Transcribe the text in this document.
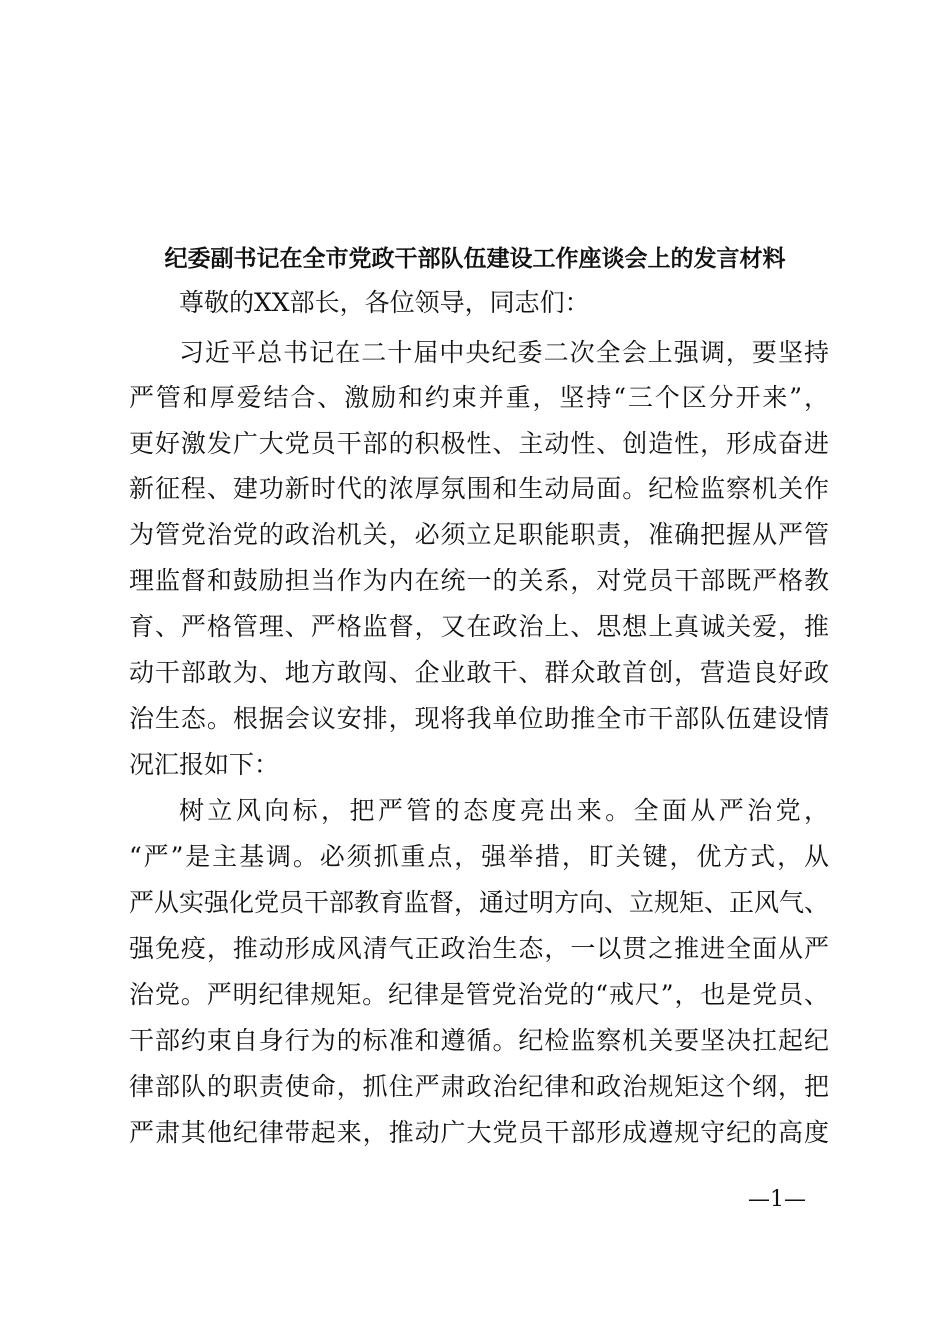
纪委副书记在全市党政干部队伍建设工作座谈会上的发言材料
尊敬的XX部长，各位领导，同志们：
习近平总书记在二十届中央纪委二次全会上强调，要坚持
严管和厚爱结合、激励和约束并重，坚持“三个区分开来”，
更好激发广大党员干部的积极性、主动性、创造性，形成奋进
新征程、建功新时代的浓厚氛围和生动局面。纪检监察机关作
为管党治党的政治机关，必须立足职能职责，准确把握从严管
理监督和鼓励担当作为内在统一的关系，对党员干部既严格教
育、严格管理、严格监督，又在政治上、思想上真诚关爱，推
动干部敢为、地方敢闯、企业敢干、群众敢首创，营造良好政
治生态。根据会议安排，现将我单位助推全市干部队伍建设情
况汇报如下：
树立风向标，把严管的态度亮出来。全面从严治党，
“严”是主基调。必须抓重点，强举措，盯关键，优方式，从
严从实强化党员干部教育监督，通过明方向、立规矩、正风气、
强免疫，推动形成风清气正政治生态，一以贯之推进全面从严
治党。严明纪律规矩。纪律是管党治党的“戒尺”，也是党员、
干部约束自身行为的标准和遵循。纪检监察机关要坚决扛起纪
律部队的职责使命，抓住严肃政治纪律和政治规矩这个纲，把
严肃其他纪律带起来，推动广大党员干部形成遵规守纪的高度
—1—
